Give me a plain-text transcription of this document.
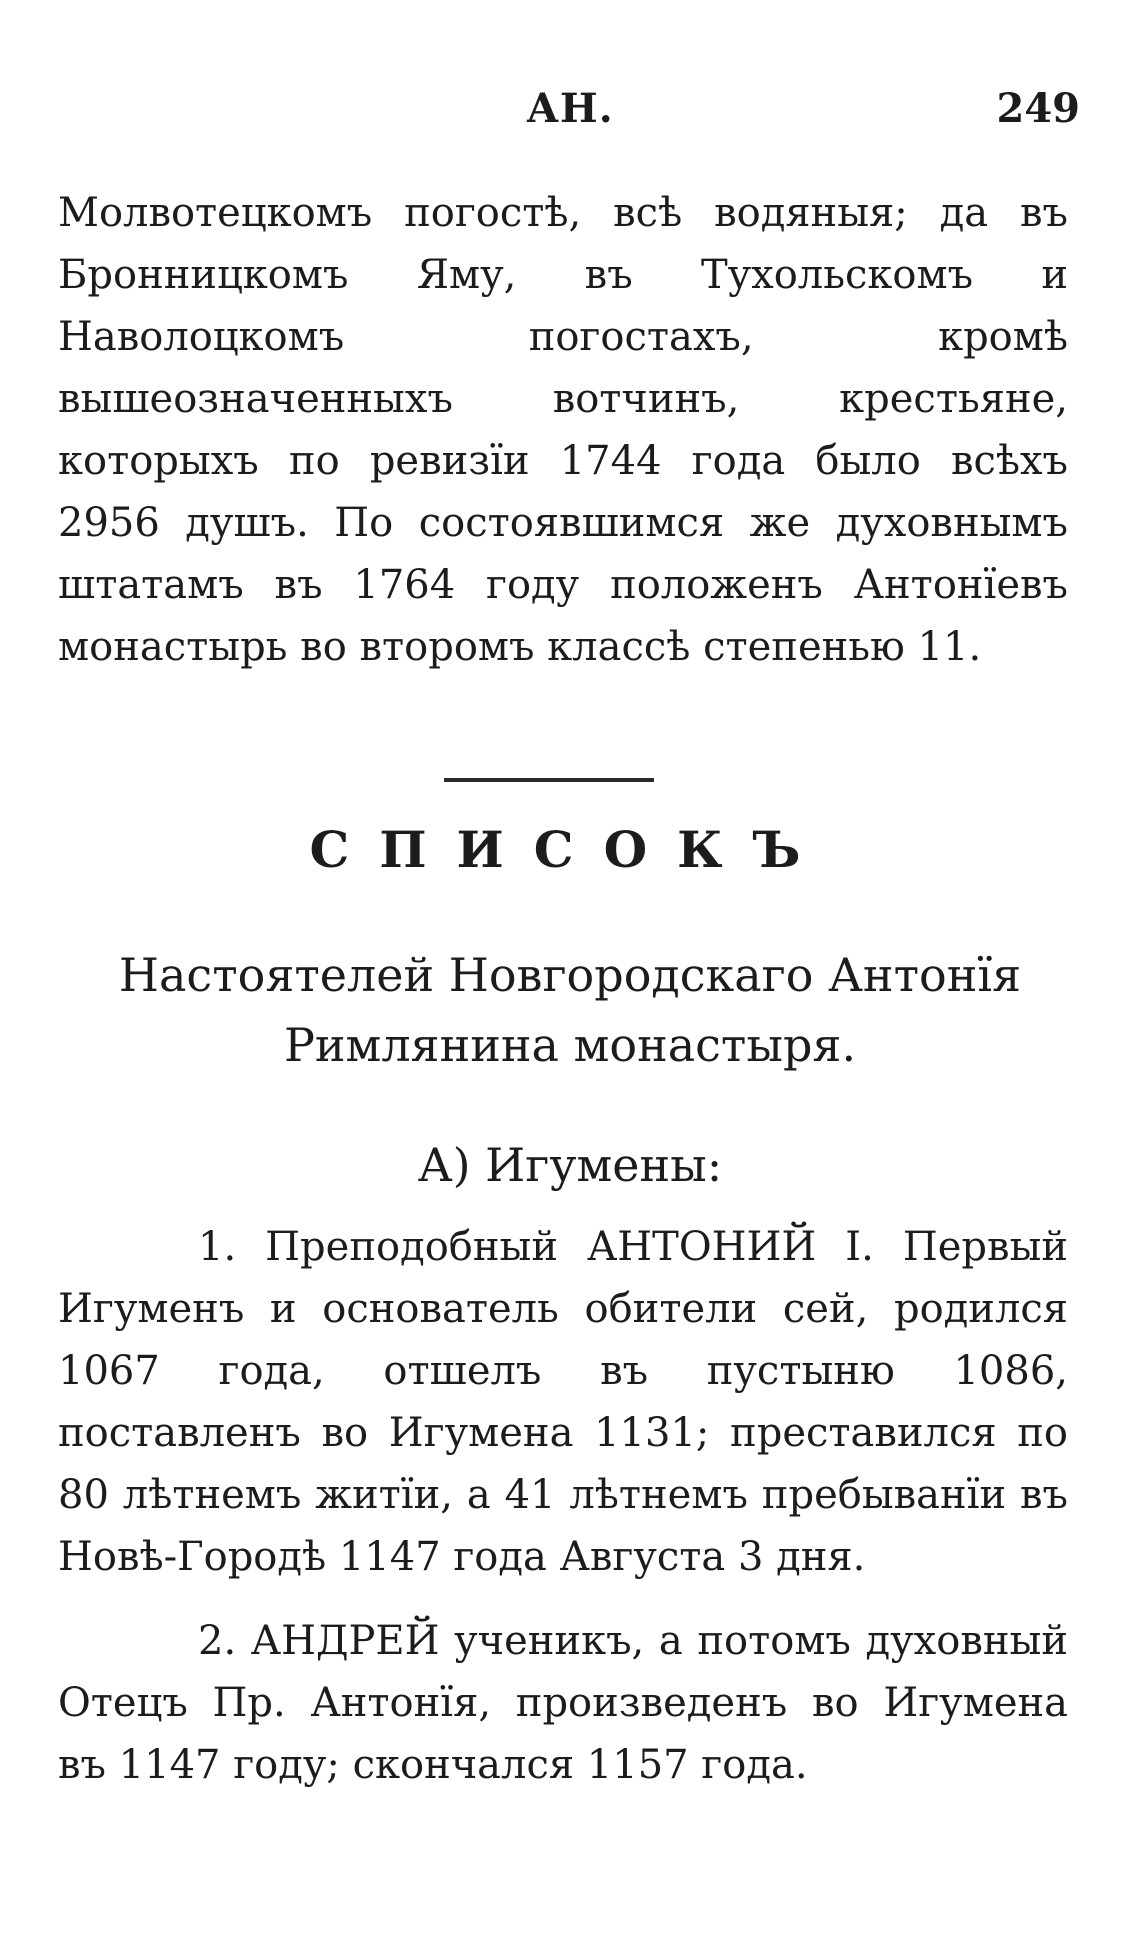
АН.	249

Молвотецкомъ погостѣ, всѣ водяныя; да въ Бронницкомъ Яму, въ Тухольскомъ и Наволоцкомъ погостахъ, кромѣ вышеозначенныхъ вотчинъ, крестьяне, которыхъ по ревизїи 1744 года было всѣхъ 2956 душъ. По состоявшимся же духовнымъ штатамъ въ 1764 году положенъ Антонїевъ монастырь во второмъ классѣ степенью 11.

СПИСОКЪ
Настоятелей Новгородскаго Антонїя
Римлянина монастыря.
А) Игумены:

1. Преподобный АНТОНИЙ I. Первый Игуменъ и основатель обители сей, родился 1067 года, отшелъ въ пустыню 1086, поставленъ во Игумена 1131; преставился по 80 лѣтнемъ житїи, а 41 лѣтнемъ пребыванїи въ Новѣ-Городѣ 1147 года Августа 3 дня.

2. АНДРЕЙ ученикъ, а потомъ духовный Отецъ Пр. Антонїя, произведенъ во Игумена въ 1147 году; скончался 1157 года.
